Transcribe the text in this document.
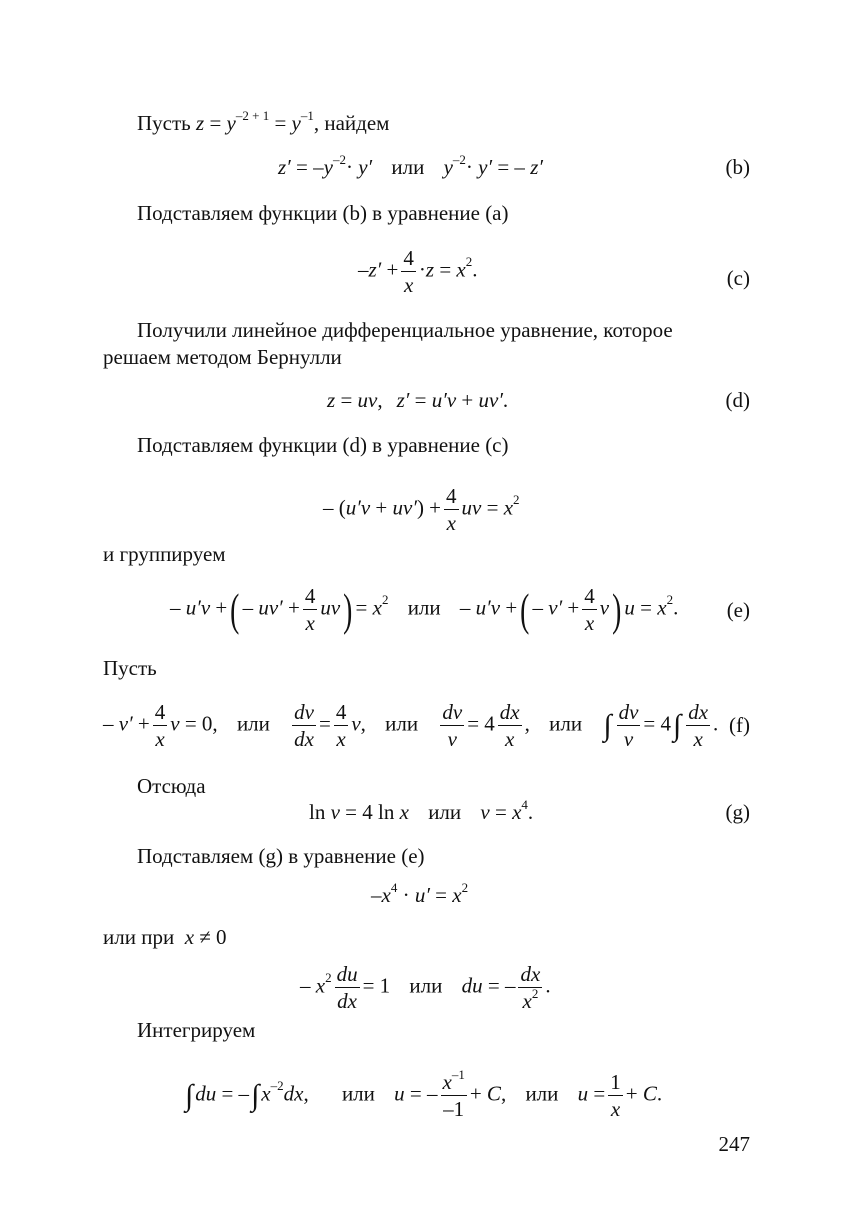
Пусть $z = y^{-2 + 1} = y^{-1}$, найдем
$z' = -y^{-2}\cdot y'$ или $y^{-2}\cdot y'$ = – z′	(b)
Подставляем функции (b) в уравнение (a)
$-z' + \frac{4}{x} \cdot z = x^2$.	(c)
Получили линейное дифференциальное уравнение, которое
решаем методом Бернулли
z = uv, z′ = u′v + uv′.	(d)
Подставляем функции (d) в уравнение (с)
– $(u'v + uv') + \frac{4}{x}$ uv = $x^2$
и группируем
– u′v +( – $uv' + \frac{4}{x} uv) = x^2$ или – u′v +( – $v' + \frac{4}{x} v$) $u = x^2$. (e)
Пусть
– $v' + \frac{4}{x}$ v = 0, или $\frac{dv}{dx} = \frac{4}{x} v$, или $\frac{dv}{v} = 4 \frac{dx}{x}$ , или ∫ $\frac{dv}{v} = 4\int \frac{dx}{x}$ . (f)
Отсюда
ln v = 4 ln x или $v = x^4$.	(g)
Подставляем (g) в уравнение (е)
$-x^4 \cdot u' = x^2$
или при x ≠ 0
– $x^2 \frac{du}{dx} = 1$ или du = – $\frac{dx}{x^2}$ .
Интегрируем
$\int du = -\int x^{-2}dx$, или u = – $\frac{x^{-1}}{-1} + C$, или $u = \frac{1}{x} + C$.
247
